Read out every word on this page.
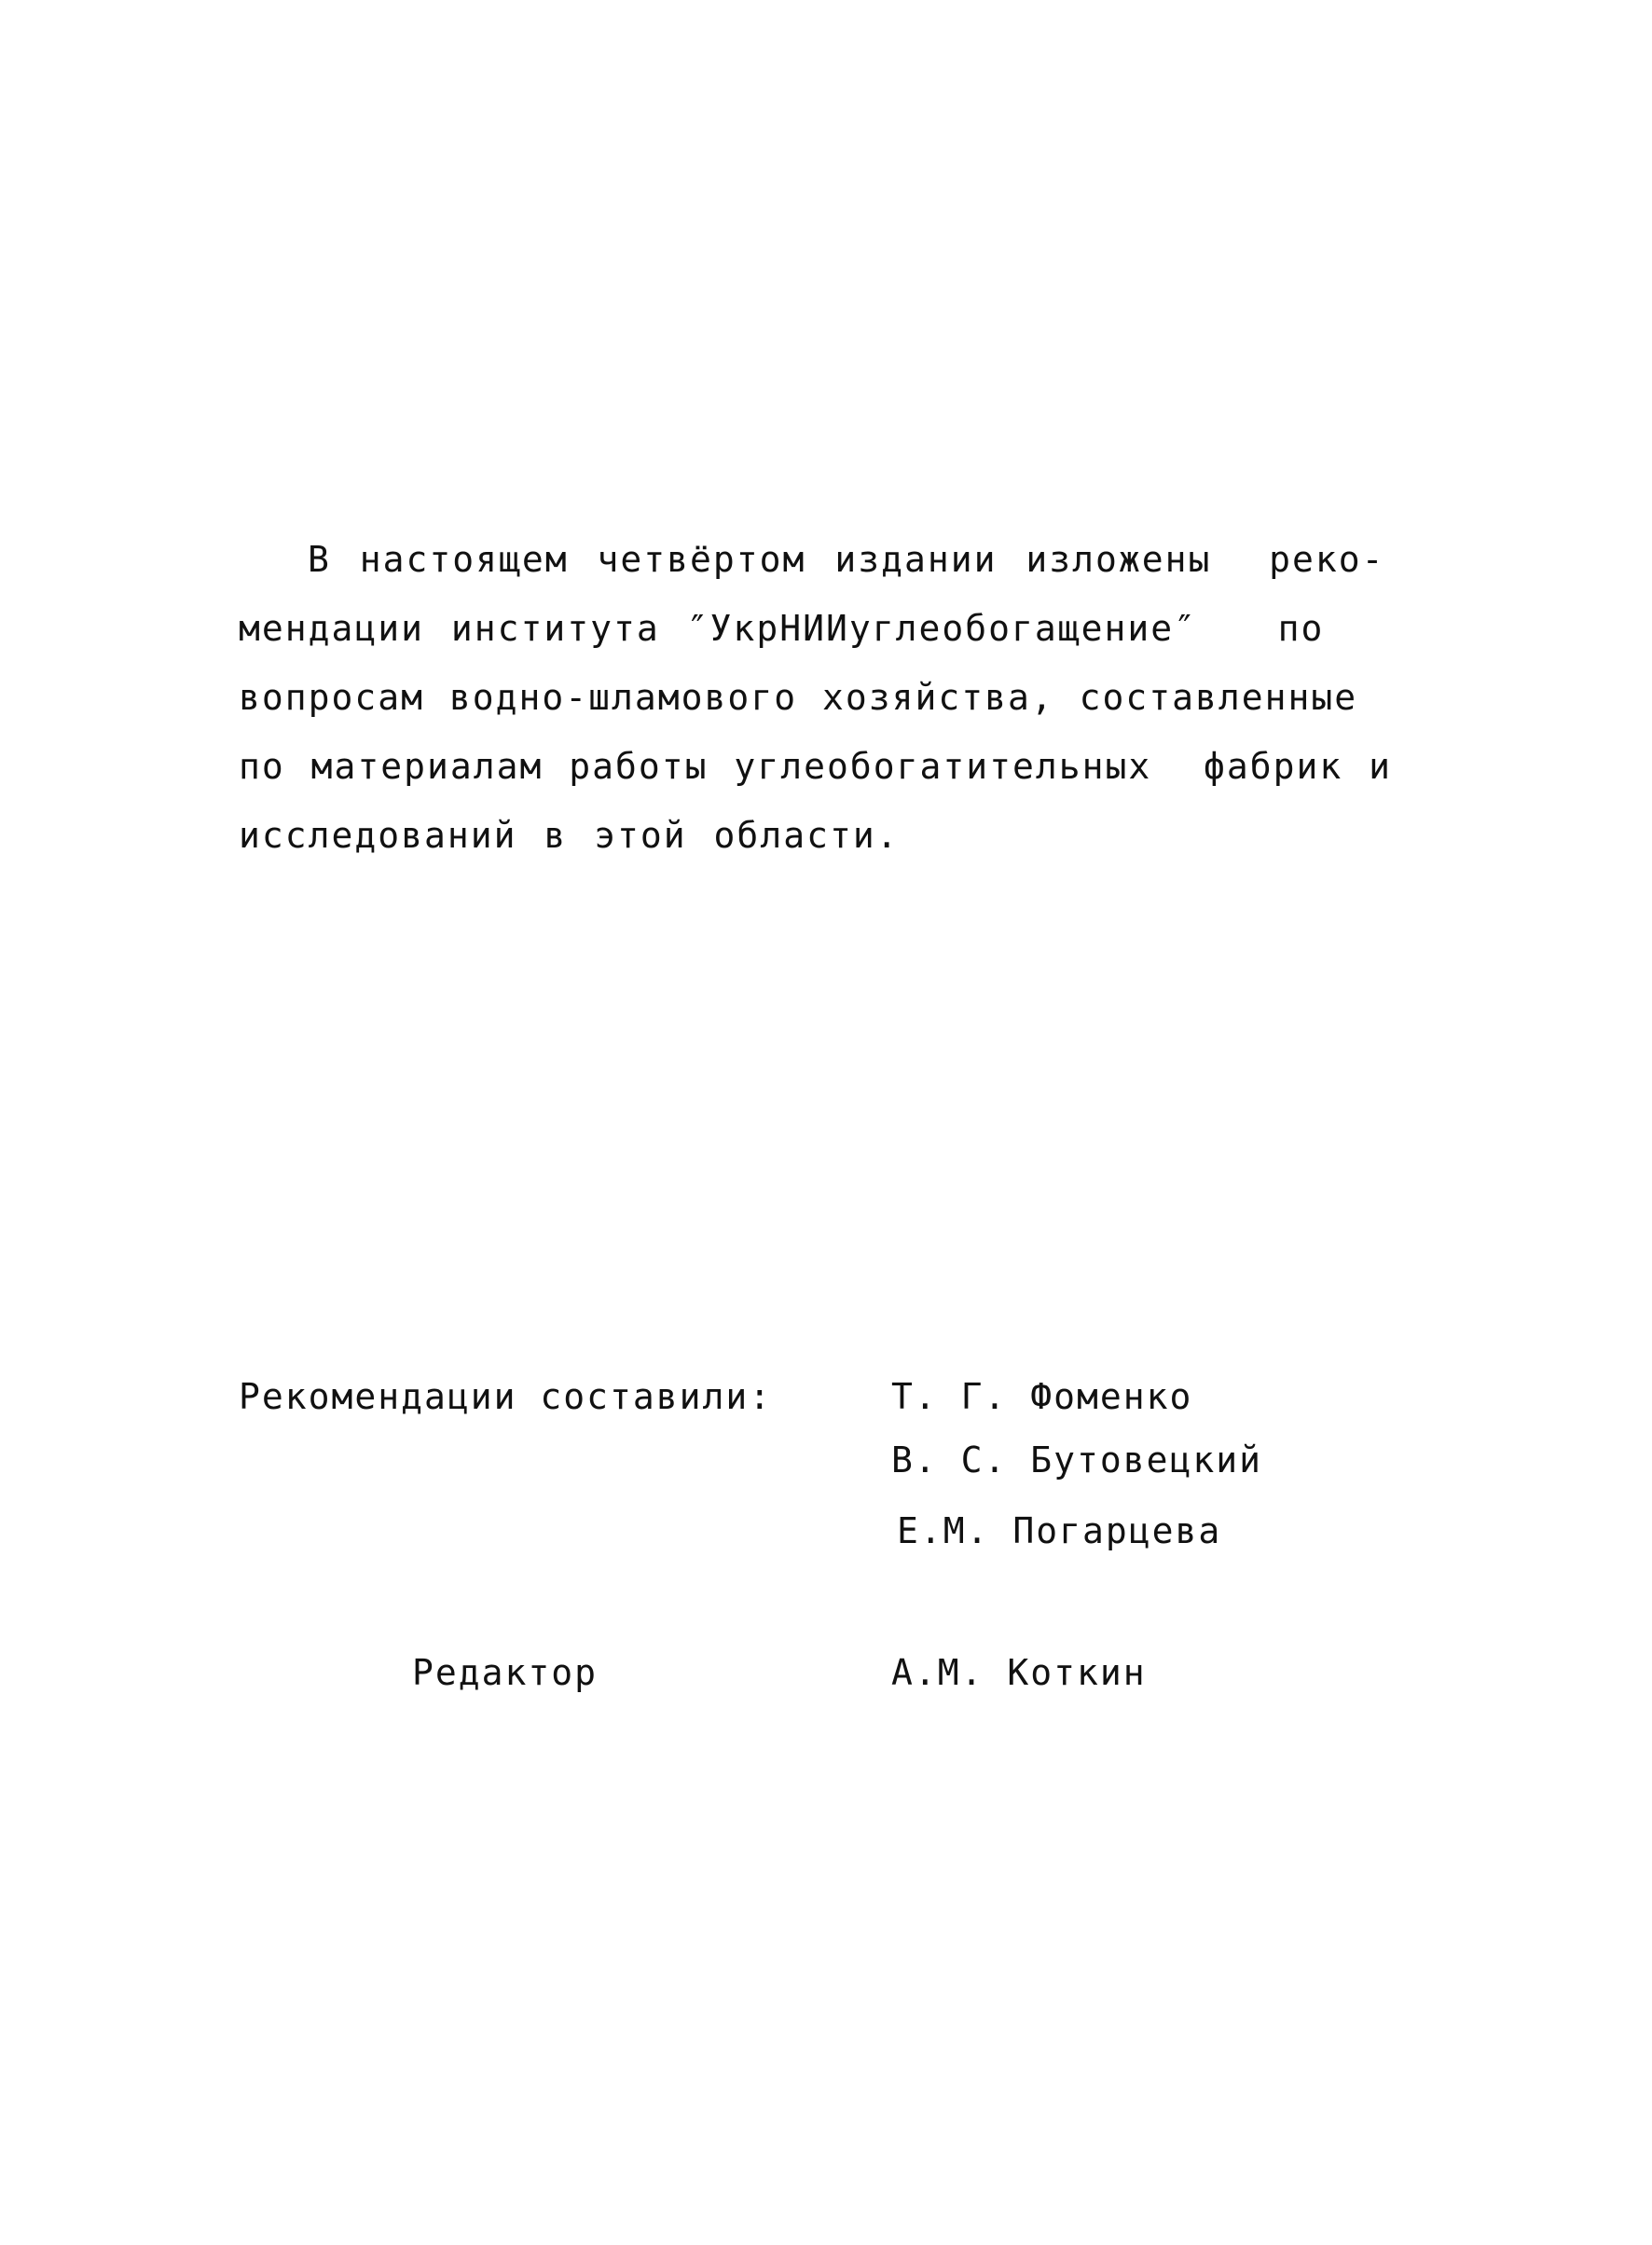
В настоящем четвёртом издании изложены  реко-
мендации института ″УкрНИИуглеобогащение″   по
вопросам водно-шламового хозяйства, составленные
по материалам работы углеобогатительных  фабрик и
исследований в этой области.
Рекомендации составили:	Т. Г. Фоменко
В. С. Бутовецкий
Е.М. Погарцева
Редактор	А.М. Коткин
